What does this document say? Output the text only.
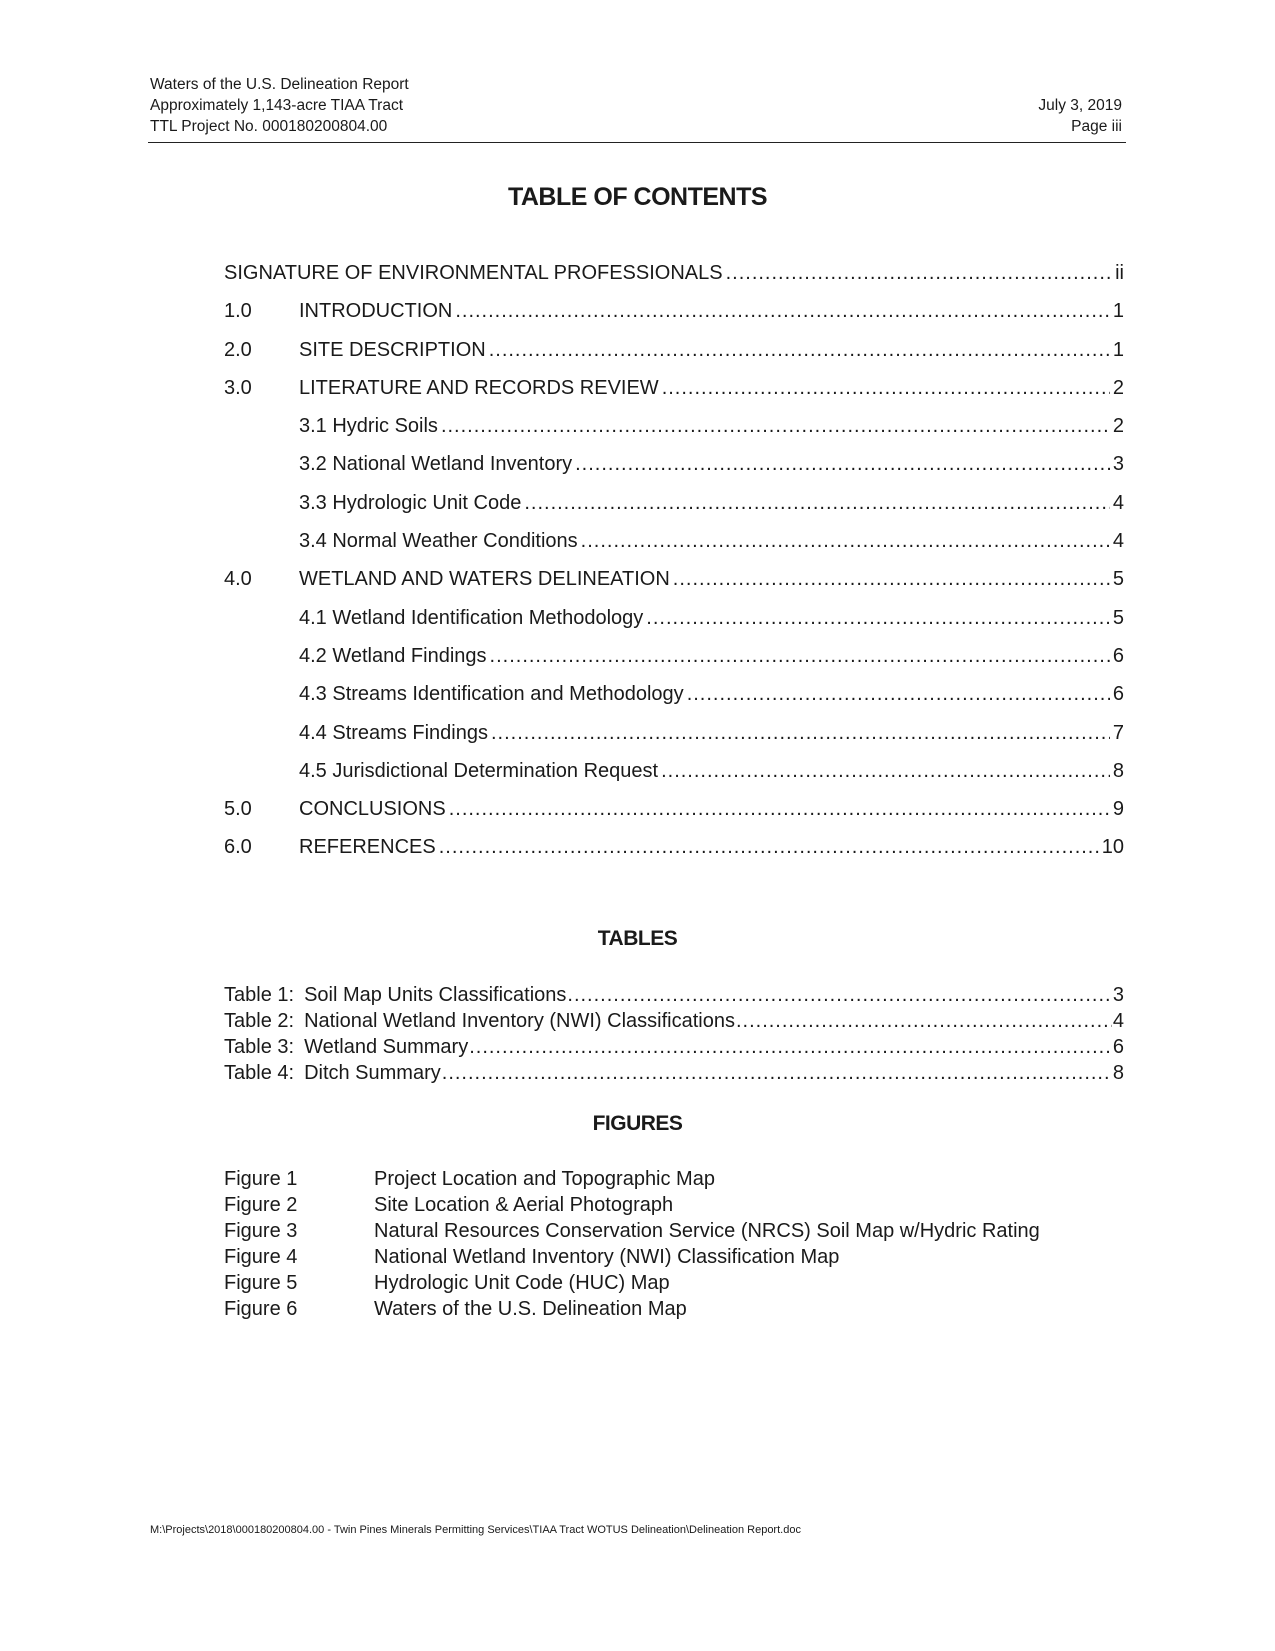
Waters of the U.S. Delineation Report
Approximately 1,143-acre TIAA Tract
TTL Project No. 000180200804.00
July 3, 2019
Page iii
TABLE OF CONTENTS
SIGNATURE OF ENVIRONMENTAL PROFESSIONALS .....	ii
1.0	INTRODUCTION .....	1
2.0	SITE DESCRIPTION .....	1
3.0	LITERATURE AND RECORDS REVIEW .....	2
3.1 Hydric Soils .....	2
3.2 National Wetland Inventory .....	3
3.3 Hydrologic Unit Code .....	4
3.4 Normal Weather Conditions .....	4
4.0	WETLAND AND WATERS DELINEATION .....	5
4.1 Wetland Identification Methodology .....	5
4.2 Wetland Findings .....	6
4.3 Streams Identification and Methodology .....	6
4.4 Streams Findings .....	7
4.5 Jurisdictional Determination Request .....	8
5.0	CONCLUSIONS .....	9
6.0	REFERENCES .....	10
TABLES
Table 1: Soil Map Units Classifications .....	3
Table 2: National Wetland Inventory (NWI) Classifications .....	4
Table 3: Wetland Summary .....	6
Table 4: Ditch Summary .....	8
FIGURES
Figure 1	Project Location and Topographic Map
Figure 2	Site Location & Aerial Photograph
Figure 3	Natural Resources Conservation Service (NRCS) Soil Map w/Hydric Rating
Figure 4	National Wetland Inventory (NWI) Classification Map
Figure 5	Hydrologic Unit Code (HUC) Map
Figure 6	Waters of the U.S. Delineation Map
M:\Projects\2018\000180200804.00 - Twin Pines Minerals Permitting Services\TIAA Tract WOTUS Delineation\Delineation Report.doc
